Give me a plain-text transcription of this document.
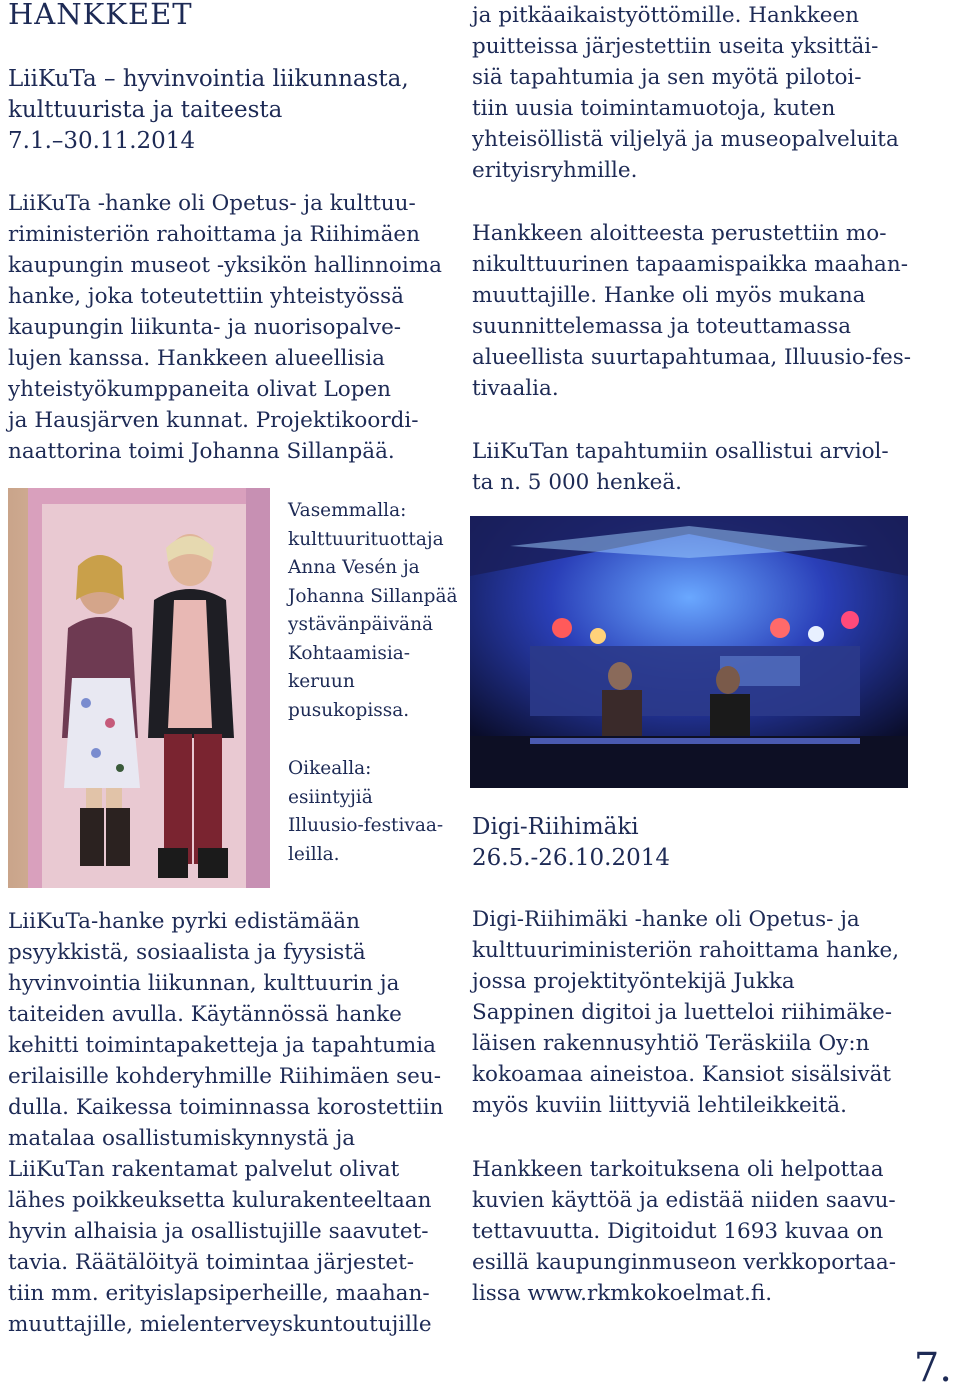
HANKKEET
LiiKuTa – hyvinvointia liikunnasta,
kulttuurista ja taiteesta
7.1.–30.11.2014
LiiKuTa -hanke oli Opetus- ja kulttuu-
riministeriön rahoittama ja Riihimäen
kaupungin museot -yksikön hallinnoima
hanke, joka toteutettiin yhteistyössä
kaupungin liikunta- ja nuorisopalve-
lujen kanssa. Hankkeen alueellisia
yhteistyökumppaneita olivat Lopen
ja Hausjärven kunnat. Projektikoordi-
naattorina toimi Johanna Sillanpää.
Vasemmalla:
kulttuurituottaja
Anna Vesén ja
Johanna Sillanpää
ystävänpäivänä
Kohtaamisia-
keruun
pusukopissa.
Oikealla:
esiintyjiä
Illuusio-festivaa-
leilla.
LiiKuTa-hanke pyrki edistämään
psyykkistä, sosiaalista ja fyysistä
hyvinvointia liikunnan, kulttuurin ja
taiteiden avulla. Käytännössä hanke
kehitti toimintapaketteja ja tapahtumia
erilaisille kohderyhmille Riihimäen seu-
dulla. Kaikessa toiminnassa korostettiin
matalaa osallistumiskynnystä ja
LiiKuTan rakentamat palvelut olivat
lähes poikkeuksetta kulurakenteeltaan
hyvin alhaisia ja osallistujille saavutet-
tavia. Räätälöityä toimintaa järjestet-
tiin mm. erityislapsiperheille, maahan-
muuttajille, mielenterveyskuntoutujille
ja pitkäaikaistyöttömille. Hankkeen
puitteissa järjestettiin useita yksittäi-
siä tapahtumia ja sen myötä pilotoi-
tiin uusia toimintamuotoja, kuten
yhteisöllistä viljelyä ja museopalveluita
erityisryhmille.
Hankkeen aloitteesta perustettiin mo-
nikulttuurinen tapaamispaikka maahan-
muuttajille. Hanke oli myös mukana
suunnittelemassa ja toteuttamassa
alueellista suurtapahtumaa, Illuusio-fes-
tivaalia.
LiiKuTan tapahtumiin osallistui arviol-
ta n. 5 000 henkeä.
Digi-Riihimäki
26.5.-26.10.2014
Digi-Riihimäki -hanke oli Opetus- ja
kulttuuriministeriön rahoittama hanke,
jossa projektityöntekijä Jukka
Sappinen digitoi ja luetteloi riihimäke-
läisen rakennusyhtiö Teräskiila Oy:n
kokoamaa aineistoa. Kansiot sisälsivät
myös kuviin liittyviä lehtileikkeitä.
Hankkeen tarkoituksena oli helpottaa
kuvien käyttöä ja edistää niiden saavu-
tettavuutta. Digitoidut 1693 kuvaa on
esillä kaupunginmuseon verkkoportaa-
lissa www.rkmkokoelmat.fi.
7.
